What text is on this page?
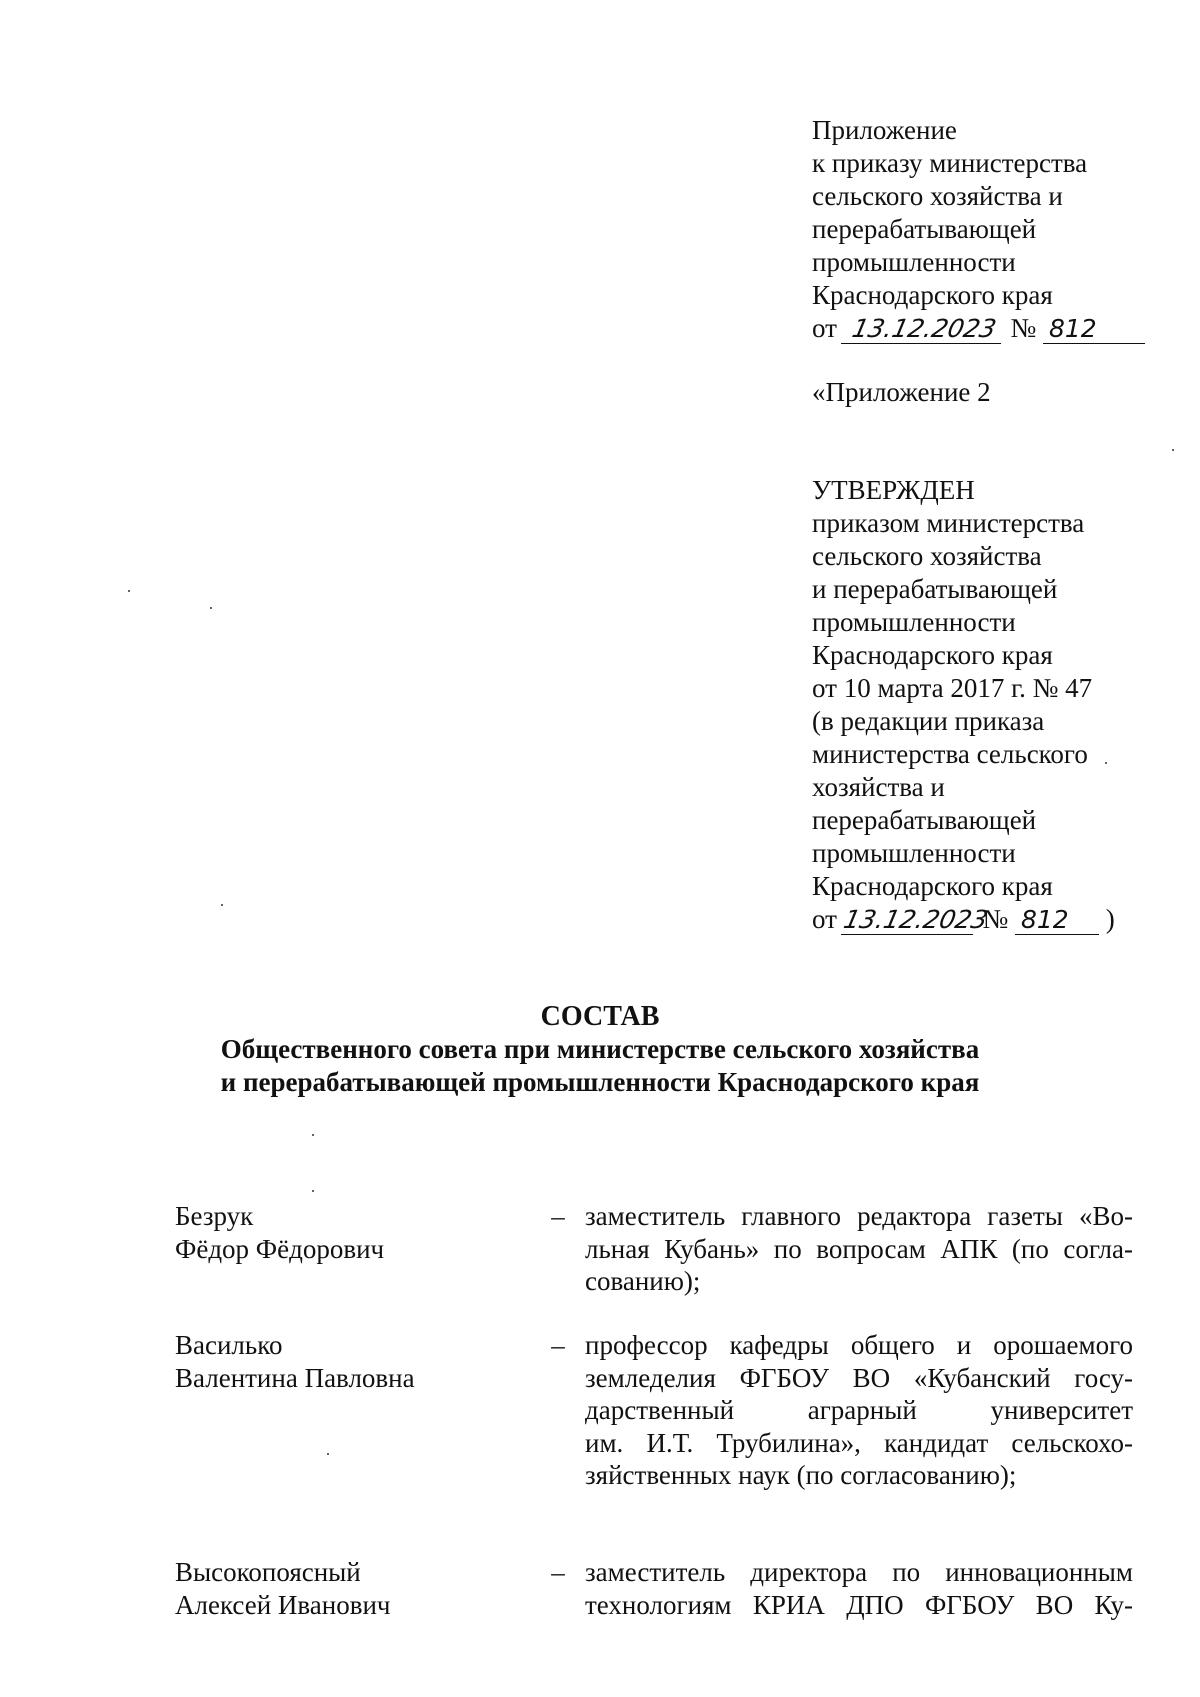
Приложение
к приказу министерства
сельского хозяйства и
перерабатывающей
промышленности
Краснодарского края
от 13.12.2023 № 812
«Приложение 2
УТВЕРЖДЕН
приказом министерства
сельского хозяйства
и перерабатывающей
промышленности
Краснодарского края
от 10 марта 2017 г. № 47
(в редакции приказа
министерства сельского
хозяйства и
перерабатывающей
промышленности
Краснодарского края
от 13.12.2023 № 812 )
СОСТАВ
Общественного совета при министерстве сельского хозяйства
и перерабатывающей промышленности Краснодарского края
Безрук
Фёдор Фёдорович
– заместитель главного редактора газеты «Во-
льная Кубань» по вопросам АПК (по согла-
сованию);
Василько
Валентина Павловна
– профессор кафедры общего и орошаемого
земледелия ФГБОУ ВО «Кубанский госу-
дарственный аграрный университет
им. И.Т. Трубилина», кандидат сельскохо-
зяйственных наук (по согласованию);
Высокопоясный
Алексей Иванович
– заместитель директора по инновационным
технологиям КРИА ДПО ФГБОУ ВО Ку-
